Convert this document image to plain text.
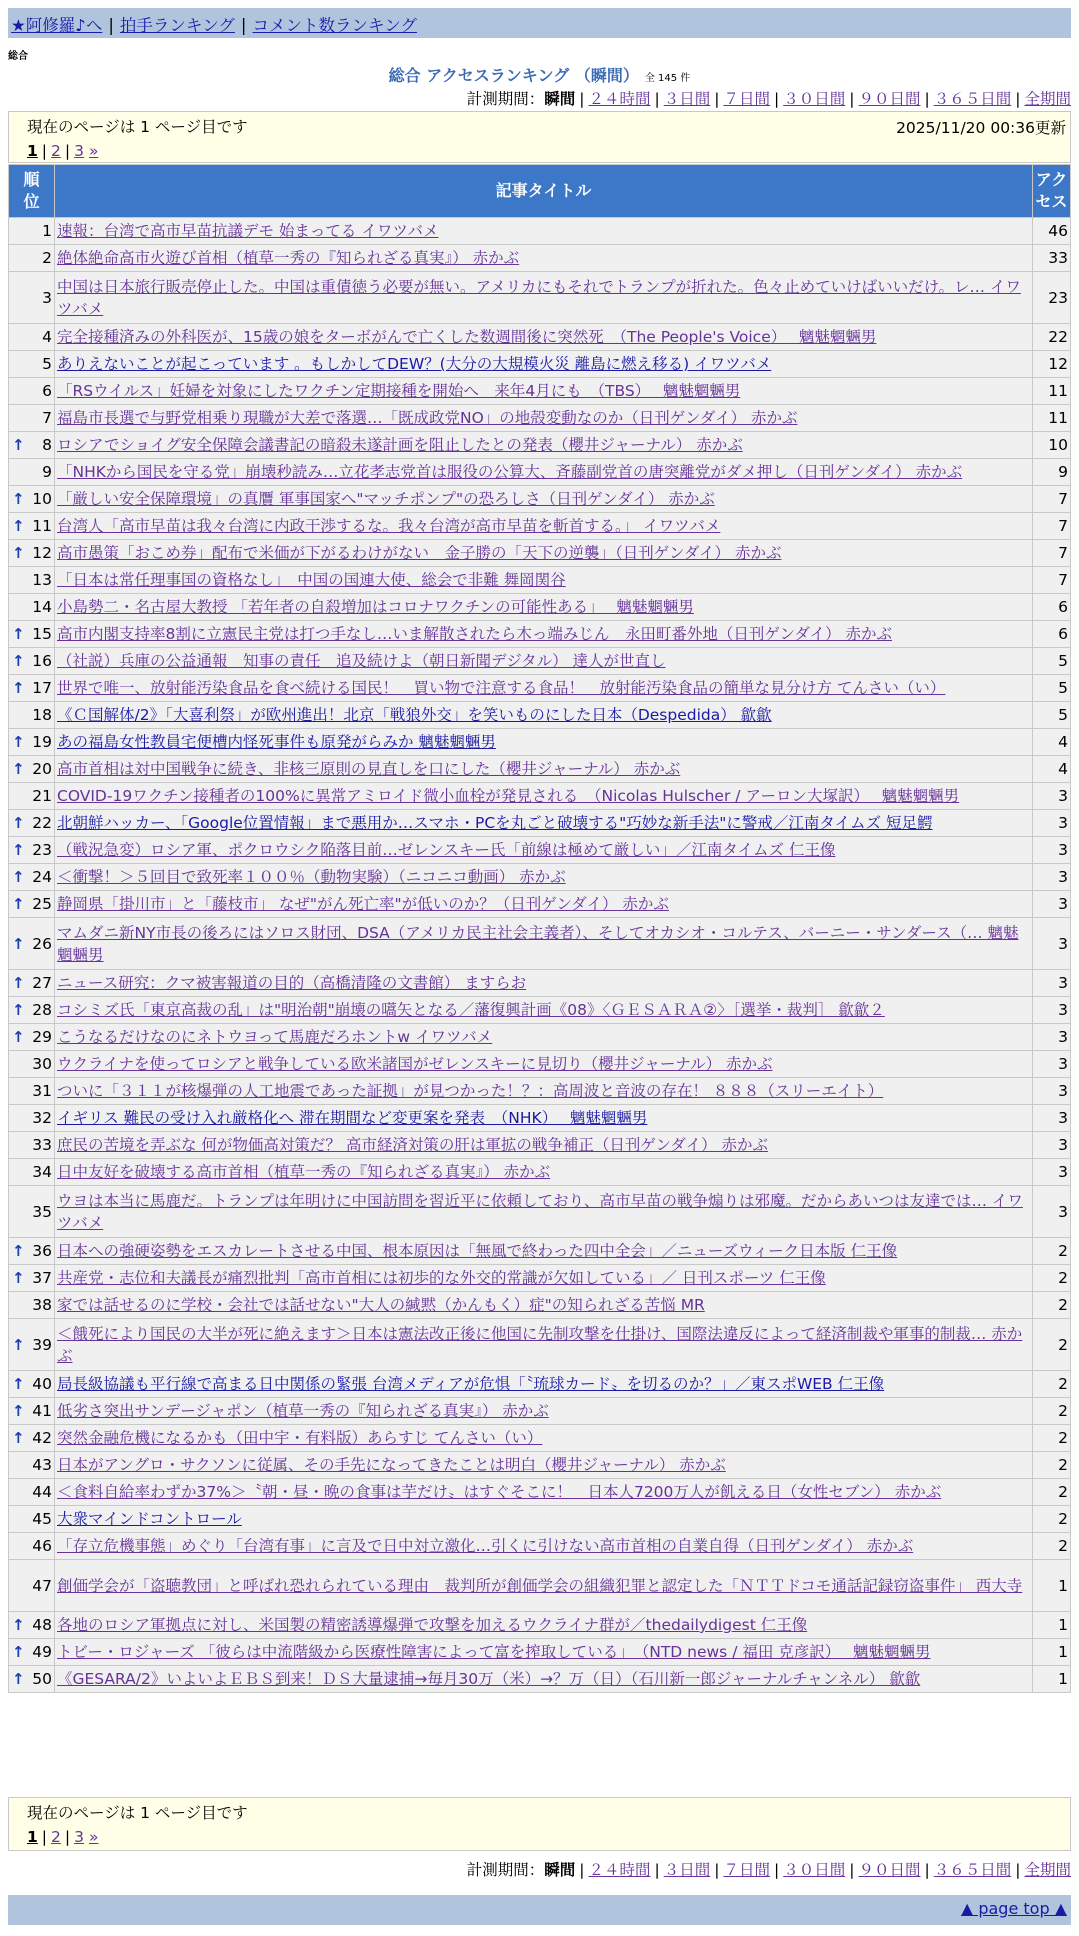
★阿修羅♪へ | 拍手ランキング | コメント数ランキング
総合
総合 アクセスランキング （瞬間） 全 145 件
計測期間：瞬間 | ２４時間 | ３日間 | ７日間 | ３０日間 | ９０日間 | ３６５日間 | 全期間
現在のページは 1 ページ目です	2025/11/20 00:36更新
1 | 2 | 3 »
順位	記事タイトル	アクセス
1	速報：台湾で高市早苗抗議デモ 始まってる イワツバメ	46
2	絶体絶命高市火遊び首相（植草一秀の『知られざる真実』） 赤かぶ	33
3	中国は日本旅行販売停止した。中国は重債徳う必要が無い。アメリカにもそれでトランプが折れた。色々止めていけばいいだけ。レ… イワツバメ	23
4	完全接種済みの外科医が、15歳の娘をターボがんで亡くした数週間後に突然死　（The People's Voice）　 魑魅魍魎男	22
5	ありえないことが起こっています 。もしかしてDEW？(大分の大規模火災 離島に燃え移る) イワツバメ	12
6	「RSウイルス」妊婦を対象にしたワクチン定期接種を開始へ　来年4月にも　（TBS）　 魑魅魍魎男	11
7	福島市長選で与野党相乗り現職が大差で落選…「既成政党NO」の地殻変動なのか（日刊ゲンダイ） 赤かぶ	11

↑ 8	ロシアでショイグ安全保障会議書記の暗殺未遂計画を阻止したとの発表（櫻井ジャーナル） 赤かぶ	10
9	「NHKから国民を守る党」崩壊秒読み…立花孝志党首は服役の公算大、斉藤副党首の唐突離党がダメ押し（日刊ゲンダイ） 赤かぶ	9

↑ 10	「厳しい安全保障環境」の真贋 軍事国家へ"マッチポンプ"の恐ろしさ（日刊ゲンダイ） 赤かぶ	7

↑ 11	台湾人「高市早苗は我々台湾に内政干渉するな。我々台湾が高市早苗を斬首する。」 イワツバメ	7

↑ 12	高市愚策「おこめ券」配布で米価が下がるわけがない　金子勝の「天下の逆襲」（日刊ゲンダイ） 赤かぶ	7
13	「日本は常任理事国の資格なし」　中国の国連大使、総会で非難 舞岡関谷	7
14	小島勢二・名古屋大教授 「若年者の自殺増加はコロナワクチンの可能性ある」　 魑魅魍魎男	6

↑ 15	高市内閣支持率8割に立憲民主党は打つ手なし…いま解散されたら木っ端みじん　永田町番外地（日刊ゲンダイ） 赤かぶ	6

↑ 16	（社説）兵庫の公益通報　知事の責任　追及続けよ（朝日新聞デジタル） 達人が世直し	5

↑ 17	世界で唯一、放射能汚染食品を食べ続ける国民！　買い物で注意する食品！　放射能汚染食品の簡単な見分け方 てんさい（い）	5
18	《Ｃ国解体/2》「大喜利祭」が欧州進出！北京「戦狼外交」を笑いものにした日本（Despedida） 歙歙	5

↑ 19	あの福島女性教員宅便槽内怪死事件も原発がらみか 魑魅魍魎男	4

↑ 20	高市首相は対中国戦争に続き、非核三原則の見直しを口にした（櫻井ジャーナル） 赤かぶ	4
21	COVID-19ワクチン接種者の100%に異常アミロイド微小血栓が発見される　（Nicolas Hulscher / アーロン大塚訳）　 魑魅魍魎男	3

↑ 22	北朝鮮ハッカー、「Google位置情報」まで悪用か…スマホ・PCを丸ごと破壊する"巧妙な新手法"に警戒／江南タイムズ 短足鰐	3

↑ 23	（戦況急変）ロシア軍、ポクロウシク陥落目前…ゼレンスキー氏「前線は極めて厳しい」／江南タイムズ 仁王像	3

↑ 24	＜衝撃！＞５回目で致死率１００％（動物実験）（ニコニコ動画） 赤かぶ	3

↑ 25	静岡県「掛川市」と「藤枝市」 なぜ"がん死亡率"が低いのか？（日刊ゲンダイ） 赤かぶ	3

↑ 26	マムダニ新NY市長の後ろにはソロス財団、DSA（アメリカ民主社会主義者）、そしてオカシオ・コルテス、バーニー・サンダース（… 魑魅魍魎男	3

↑ 27	ニュース研究：クマ被害報道の目的（高橋清隆の文書館） ますらお	3

↑ 28	コシミズ氏「東京高裁の乱」は"明治朝"崩壊の嚆矢となる／藩復興計画《08》〈ＧＥＳＡＲＡ②〉［選挙・裁判］ 歙歙２	3

↑ 29	こうなるだけなのにネトウヨって馬鹿だろホントw イワツバメ	3
30	ウクライナを使ってロシアと戦争している欧米諸国がゼレンスキーに見切り（櫻井ジャーナル） 赤かぶ	3
31	ついに「３１１が核爆弾の人工地震であった証拠」が見つかった！？：高周波と音波の存在！ ８８８（スリーエイト）	3
32	イギリス 難民の受け入れ厳格化へ 滞在期間など変更案を発表　（NHK）　 魑魅魍魎男	3
33	庶民の苦境を弄ぶな 何が物価高対策だ？ 高市経済対策の肝は軍拡の戦争補正（日刊ゲンダイ） 赤かぶ	3
34	日中友好を破壊する高市首相（植草一秀の『知られざる真実』） 赤かぶ	3
35	ウヨは本当に馬鹿だ。トランプは年明けに中国訪問を習近平に依頼しており、高市早苗の戦争煽りは邪魔。だからあいつは友達では… イワツバメ	3

↑ 36	日本への強硬姿勢をエスカレートさせる中国、根本原因は「無風で終わった四中全会」／ニューズウィーク日本版 仁王像	2

↑ 37	共産党・志位和夫議長が痛烈批判「高市首相には初歩的な外交的常識が欠如している」／ 日刊スポーツ 仁王像	2
38	家では話せるのに学校・会社では話せない"大人の緘黙（かんもく）症"の知られざる苦悩 MR	2

↑ 39	＜餓死により国民の大半が死に絶えます＞日本は憲法改正後に他国に先制攻撃を仕掛け、国際法違反によって経済制裁や軍事的制裁… 赤かぶ	2

↑ 40	局長級協議も平行線で高まる日中関係の緊張 台湾メディアが危惧「〝琉球カード〟を切るのか？」／東スポWEB 仁王像	2

↑ 41	低劣さ突出サンデージャポン（植草一秀の『知られざる真実』） 赤かぶ	2

↑ 42	突然金融危機になるかも（田中宇・有料版）あらすじ てんさい（い）	2
43	日本がアングロ・サクソンに従属、その手先になってきたことは明白（櫻井ジャーナル） 赤かぶ	2
44	＜食料自給率わずか37%＞〝朝・昼・晩の食事は芋だけ〟はすぐそこに！　日本人7200万人が飢える日（女性セブン） 赤かぶ	2
45	大衆マインドコントロール	2
46	「存立危機事態」めぐり「台湾有事」に言及で日中対立激化…引くに引けない高市首相の自業自得（日刊ゲンダイ） 赤かぶ	2
47	創価学会が「盗聴教団」と呼ばれ恐れられている理由　裁判所が創価学会の組織犯罪と認定した「ＮＴＴドコモ通話記録窃盗事件」 西大寺	1

↑ 48	各地のロシア軍拠点に対し、米国製の精密誘導爆弾で攻撃を加えるウクライナ群が／thedailydigest 仁王像	1

↑ 49	トビー・ロジャーズ 「彼らは中流階級から医療性障害によって富を搾取している」　（NTD news / 福田 克彦訳）　 魑魅魍魎男	1

↑ 50	《GESARA/2》いよいよＥＢＳ到来！ＤＳ大量逮捕→毎月30万（米）→？万（日）（石川新一郎ジャーナルチャンネル） 歙歙	1
現在のページは 1 ページ目です
1 | 2 | 3 »
計測期間：瞬間 | ２４時間 | ３日間 | ７日間 | ３０日間 | ９０日間 | ３６５日間 | 全期間
▲ page top ▲
